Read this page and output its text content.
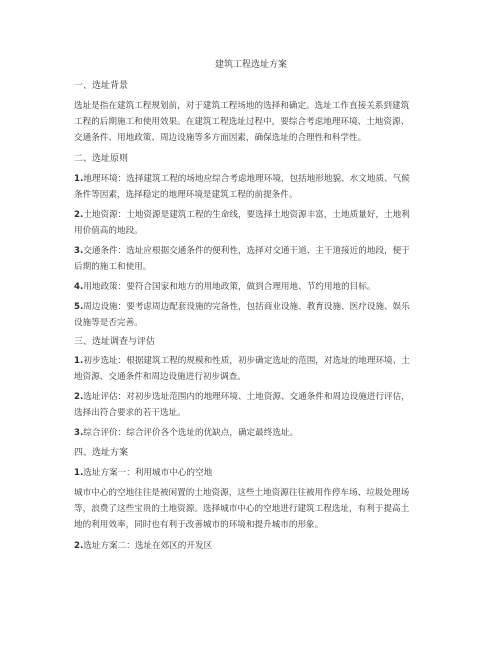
建筑工程选址方案
一、选址背景
选址是指在建筑工程规划前，对于建筑工程场地的选择和确定。选址工作直接关系到建筑
工程的后期施工和使用效果。在建筑工程选址过程中，要综合考虑地理环境、土地资源、
交通条件、用地政策、周边设施等多方面因素，确保选址的合理性和科学性。
二、选址原则
1.地理环境：选择建筑工程的场地应综合考虑地理环境，包括地形地貌、水文地质、气候
条件等因素，选择稳定的地理环境是建筑工程的前提条件。
2.土地资源：土地资源是建筑工程的生命线，要选择土地资源丰富，土地质量好，土地利
用价值高的地段。
3.交通条件：选址应根据交通条件的便利性，选择对交通干道、主干道接近的地段，便于
后期的施工和使用。
4.用地政策：要符合国家和地方的用地政策，做到合理用地、节约用地的目标。
5.周边设施：要考虑周边配套设施的完备性，包括商业设施、教育设施、医疗设施、娱乐
设施等是否完善。
三、选址调查与评估
1.初步选址：根据建筑工程的规模和性质，初步确定选址的范围，对选址的地理环境、土
地资源、交通条件和周边设施进行初步调查。
2.选址评估：对初步选址范围内的地理环境、土地资源、交通条件和周边设施进行评估，
选择出符合要求的若干选址。
3.综合评价：综合评价各个选址的优缺点，确定最终选址。
四、选址方案
1.选址方案一：利用城市中心的空地
城市中心的空地往往是被闲置的土地资源，这些土地资源往往被用作停车场、垃圾处理场
等，浪费了这些宝贵的土地资源。选择城市中心的空地进行建筑工程选址，有利于提高土
地的利用效率，同时也有利于改善城市的环境和提升城市的形象。
2.选址方案二：选址在郊区的开发区
